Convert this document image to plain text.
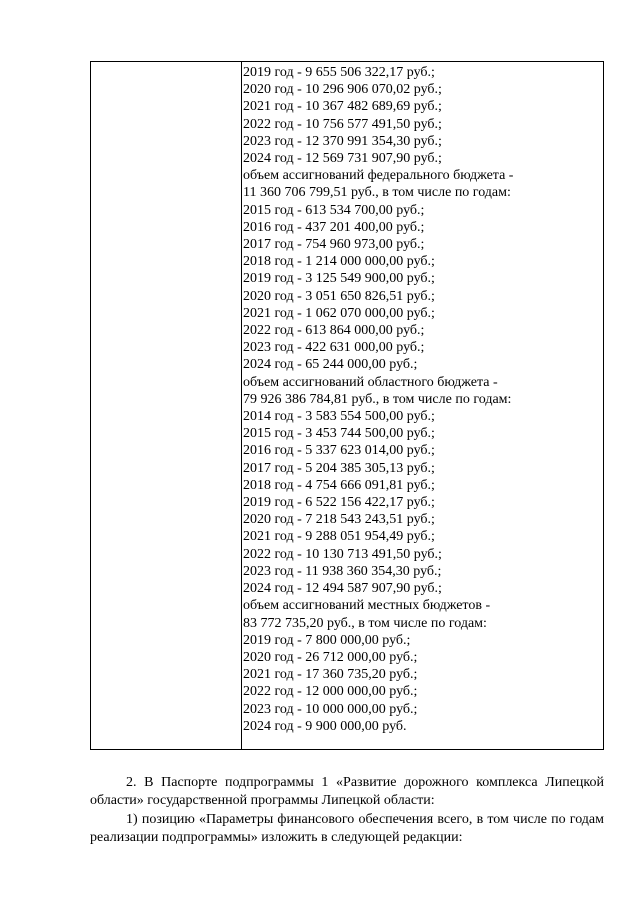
2019 год - 9 655 506 322,17 руб.;
2020 год - 10 296 906 070,02 руб.;
2021 год - 10 367 482 689,69 руб.;
2022 год - 10 756 577 491,50 руб.;
2023 год - 12 370 991 354,30 руб.;
2024 год - 12 569 731 907,90 руб.;
объем ассигнований федерального бюджета -
11 360 706 799,51 руб., в том числе по годам:
2015 год - 613 534 700,00 руб.;
2016 год - 437 201 400,00 руб.;
2017 год - 754 960 973,00 руб.;
2018 год - 1 214 000 000,00 руб.;
2019 год - 3 125 549 900,00 руб.;
2020 год - 3 051 650 826,51 руб.;
2021 год - 1 062 070 000,00 руб.;
2022 год - 613 864 000,00 руб.;
2023 год - 422 631 000,00 руб.;
2024 год - 65 244 000,00 руб.;
объем ассигнований областного бюджета -
79 926 386 784,81 руб., в том числе по годам:
2014 год - 3 583 554 500,00 руб.;
2015 год - 3 453 744 500,00 руб.;
2016 год - 5 337 623 014,00 руб.;
2017 год - 5 204 385 305,13 руб.;
2018 год - 4 754 666 091,81 руб.;
2019 год - 6 522 156 422,17 руб.;
2020 год - 7 218 543 243,51 руб.;
2021 год - 9 288 051 954,49 руб.;
2022 год - 10 130 713 491,50 руб.;
2023 год - 11 938 360 354,30 руб.;
2024 год - 12 494 587 907,90 руб.;
объем ассигнований местных бюджетов -
83 772 735,20 руб., в том числе по годам:
2019 год - 7 800 000,00 руб.;
2020 год - 26 712 000,00 руб.;
2021 год - 17 360 735,20 руб.;
2022 год - 12 000 000,00 руб.;
2023 год - 10 000 000,00 руб.;
2024 год - 9 900 000,00 руб.

2. В Паспорте подпрограммы 1 «Развитие дорожного комплекса Липецкой области» государственной программы Липецкой области:

1) позицию «Параметры финансового обеспечения всего, в том числе по годам реализации подпрограммы» изложить в следующей редакции:
